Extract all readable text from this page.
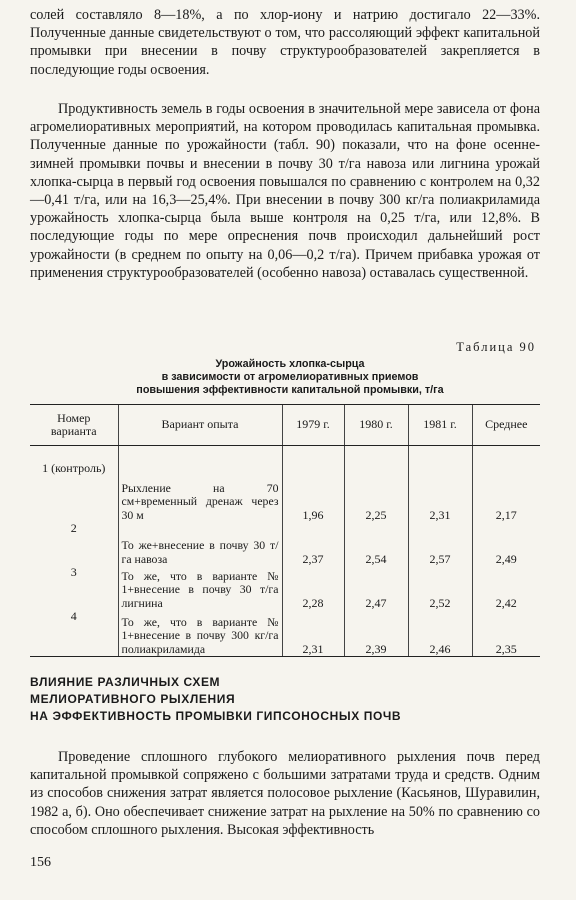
солей составляло 8—18%, а по хлор-иону и натрию достигало 22—33%. Полученные данные свидетельствуют о том, что рассоляющий эффект капитальной промывки при внесении в почву структурообразователей закрепляется в последующие годы освоения.

Продуктивность земель в годы освоения в значительной мере зависела от фона агромелиоративных мероприятий, на котором проводилась капитальная промывка. Полученные данные по урожайности (табл. 90) показали, что на фоне осенне-зимней промывки почвы и внесении в почву 30 т/га навоза или лигнина урожай хлопка-сырца в первый год освоения повышался по сравнению с контролем на 0,32—0,41 т/га, или на 16,3—25,4%. При внесении в почву 300 кг/га полиакриламида урожайность хлопка-сырца была выше контроля на 0,25 т/га, или 12,8%. В последующие годы по мере опреснения почв происходил дальнейший рост урожайности (в среднем по опыту на 0,06—0,2 т/га). Причем прибавка урожая от применения структурообразователей (особенно навоза) оставалась существенной.

Таблица 90
Урожайность хлопка-сырца
в зависимости от агромелиоративных приемов
повышения эффективности капитальной промывки, т/га
Номер варианта	Вариант опыта	1979 г.	1980 г.	1981 г.	Среднее
1 (контроль)	Рыхление на 70 см+временный дренаж через 30 м	1,96	2,25	2,31	2,17
2	То же+внесение в почву 30 т/га навоза	2,37	2,54	2,57	2,49
3	То же, что в варианте № 1+внесение в почву 30 т/га лигнина	2,28	2,47	2,52	2,42
4	То же, что в варианте № 1+внесение в почву 300 кг/га полиакриламида	2,31	2,39	2,46	2,35
ВЛИЯНИЕ РАЗЛИЧНЫХ СХЕМ
МЕЛИОРАТИВНОГО РЫХЛЕНИЯ
НА ЭФФЕКТИВНОСТЬ ПРОМЫВКИ ГИПСОНОСНЫХ ПОЧВ

Проведение сплошного глубокого мелиоративного рыхления почв перед капитальной промывкой сопряжено с большими затратами труда и средств. Одним из способов снижения затрат является полосовое рыхление (Касьянов, Шуравилин, 1982 а, б). Оно обеспечивает снижение затрат на рыхление на 50% по сравнению со способом сплошного рыхления. Высокая эффективность

156
